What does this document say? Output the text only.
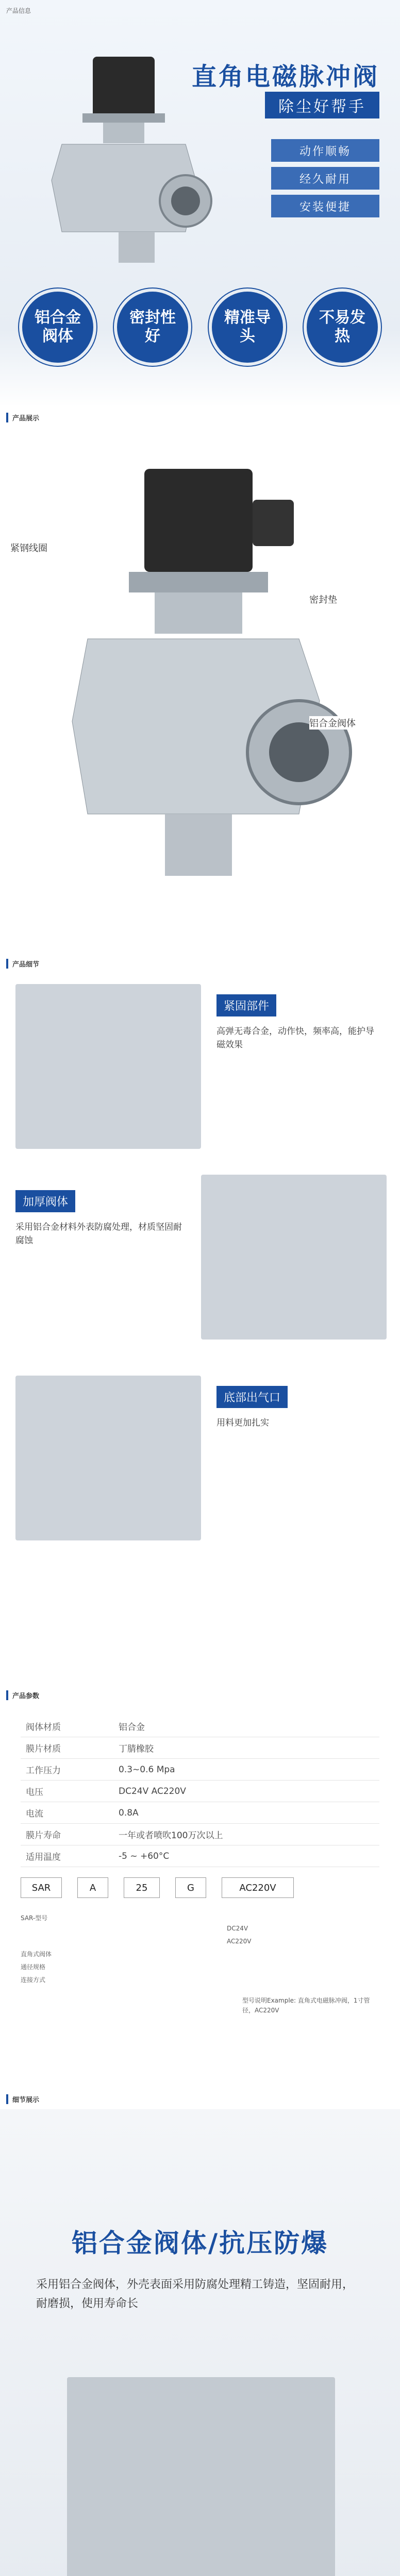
产品信息
直角电磁脉冲阀
除尘好帮手
动作顺畅
经久耐用
安装便捷
铝合金阀体
密封性好
精准导头
不易发热
产品展示
紧钢线圈
密封垫
铝合金阀体
产品细节
紧固部件
高弹无毒合金，动作快，频率高，能护导磁效果
加厚阀体
采用铝合金材料外表防腐处理，材质坚固耐腐蚀
底部出气口
用料更加扎实
产品参数
阀体材质	铝合金
膜片材质	丁腈橡胶
工作压力	0.3~0.6 Mpa
电压	DC24V AC220V
电流	0.8A
膜片寿命	一年或者喷吹100万次以上
适用温度	-5 ~ +60°C
SAR	A	25	G	AC220V
SAR-型号
直角式阀体
通径规格
连接方式
DC24V
AC220V
型号说明Example: 直角式电磁脉冲阀，1寸管径，AC220V
细节展示
铝合金阀体/抗压防爆
采用铝合金阀体，外壳表面采用防腐处理精工铸造，坚固耐用，耐磨损，使用寿命长
